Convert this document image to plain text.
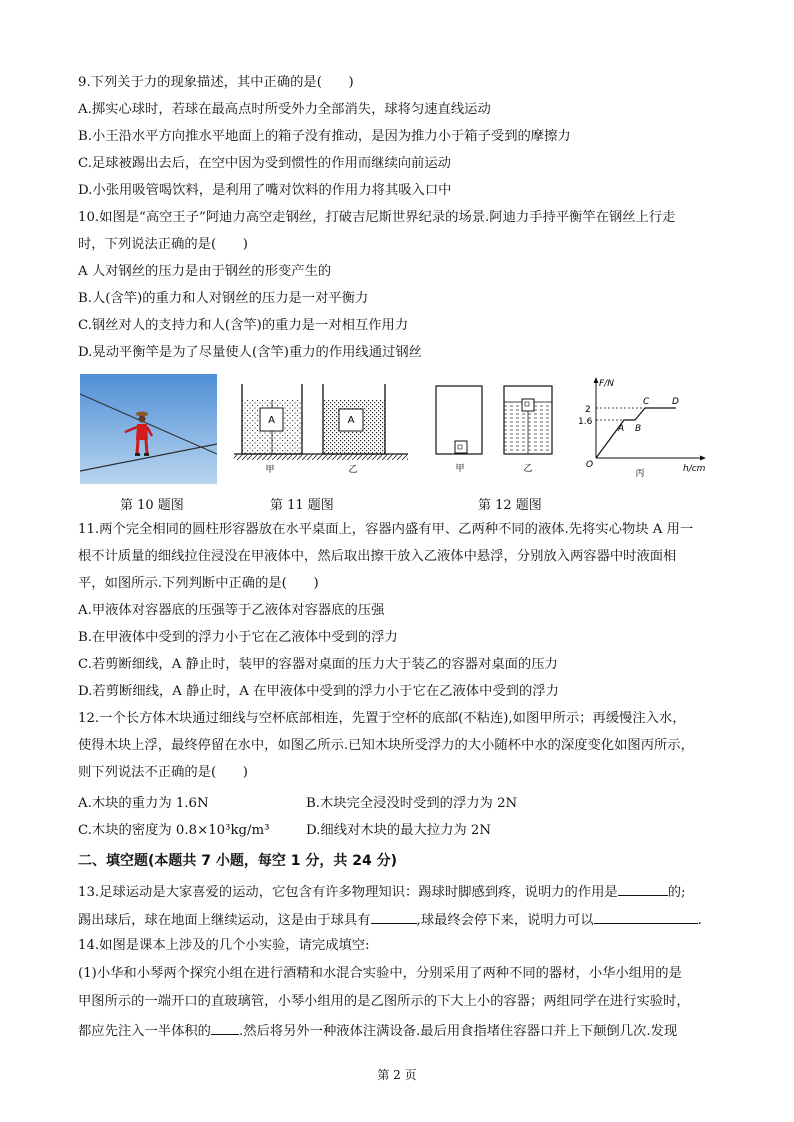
9.下列关于力的现象描述，其中正确的是(　　)
A.掷实心球时，若球在最高点时所受外力全部消失，球将匀速直线运动
B.小王沿水平方向推水平地面上的箱子没有推动，是因为推力小于箱子受到的摩擦力
C.足球被踢出去后，在空中因为受到惯性的作用而继续向前运动
D.小张用吸管喝饮料，是利用了嘴对饮料的作用力将其吸入口中
10.如图是“高空王子”阿迪力高空走钢丝，打破吉尼斯世界纪录的场景.阿迪力手持平衡竿在钢丝上行走
时，下列说法正确的是(　　)
A 人对钢丝的压力是由于钢丝的形变产生的
B.人(含竿)的重力和人对钢丝的压力是一对平衡力
C.钢丝对人的支持力和人(含竿)的重力是一对相互作用力
D.晃动平衡竿是为了尽量使人(含竿)重力的作用线通过钢丝
A	A
甲	乙	甲	乙
F/N
h/cm
O
2
1.6
A B
C	D
丙
第 10 题图	第 11 题图	第 12 题图
11.两个完全相同的圆柱形容器放在水平桌面上，容器内盛有甲、乙两种不同的液体.先将实心物块 A 用一
根不计质量的细线拉住浸没在甲液体中，然后取出擦干放入乙液体中悬浮，分别放入两容器中时液面相
平，如图所示.下列判断中正确的是(　　)
A.甲液体对容器底的压强等于乙液体对容器底的压强
B.在甲液体中受到的浮力小于它在乙液体中受到的浮力
C.若剪断细线，A 静止时，装甲的容器对桌面的压力大于装乙的容器对桌面的压力
D.若剪断细线，A 静止时，A 在甲液体中受到的浮力小于它在乙液体中受到的浮力
12.一个长方体木块通过细线与空杯底部相连，先置于空杯的底部(不粘连),如图甲所示；再缓慢注入水，
使得木块上浮，最终停留在水中，如图乙所示.已知木块所受浮力的大小随杯中水的深度变化如图丙所示，
则下列说法不正确的是(　　)
A.木块的重力为 1.6N	B.木块完全浸没时受到的浮力为 2N
C.木块的密度为 0.8×10³kg/m³	D.细线对木块的最大拉力为 2N
二、填空题(本题共 7 小题，每空 1 分，共 24 分)
13.足球运动是大家喜爱的运动，它包含有许多物理知识：踢球时脚感到疼，说明力的作用是	的;
踢出球后，球在地面上继续运动，这是由于球具有	,球最终会停下来，说明力可以	.
14.如图是课本上涉及的几个小实验，请完成填空:
(1)小华和小琴两个探究小组在进行酒精和水混合实验中，分别采用了两种不同的器材，小华小组用的是
甲图所示的一端开口的直玻璃管，小琴小组用的是乙图所示的下大上小的容器；两组同学在进行实验时，
都应先注入一半体积的 .然后将另外一种液体注满设备.最后用食指堵住容器口并上下颠倒几次.发现
第 2 页
